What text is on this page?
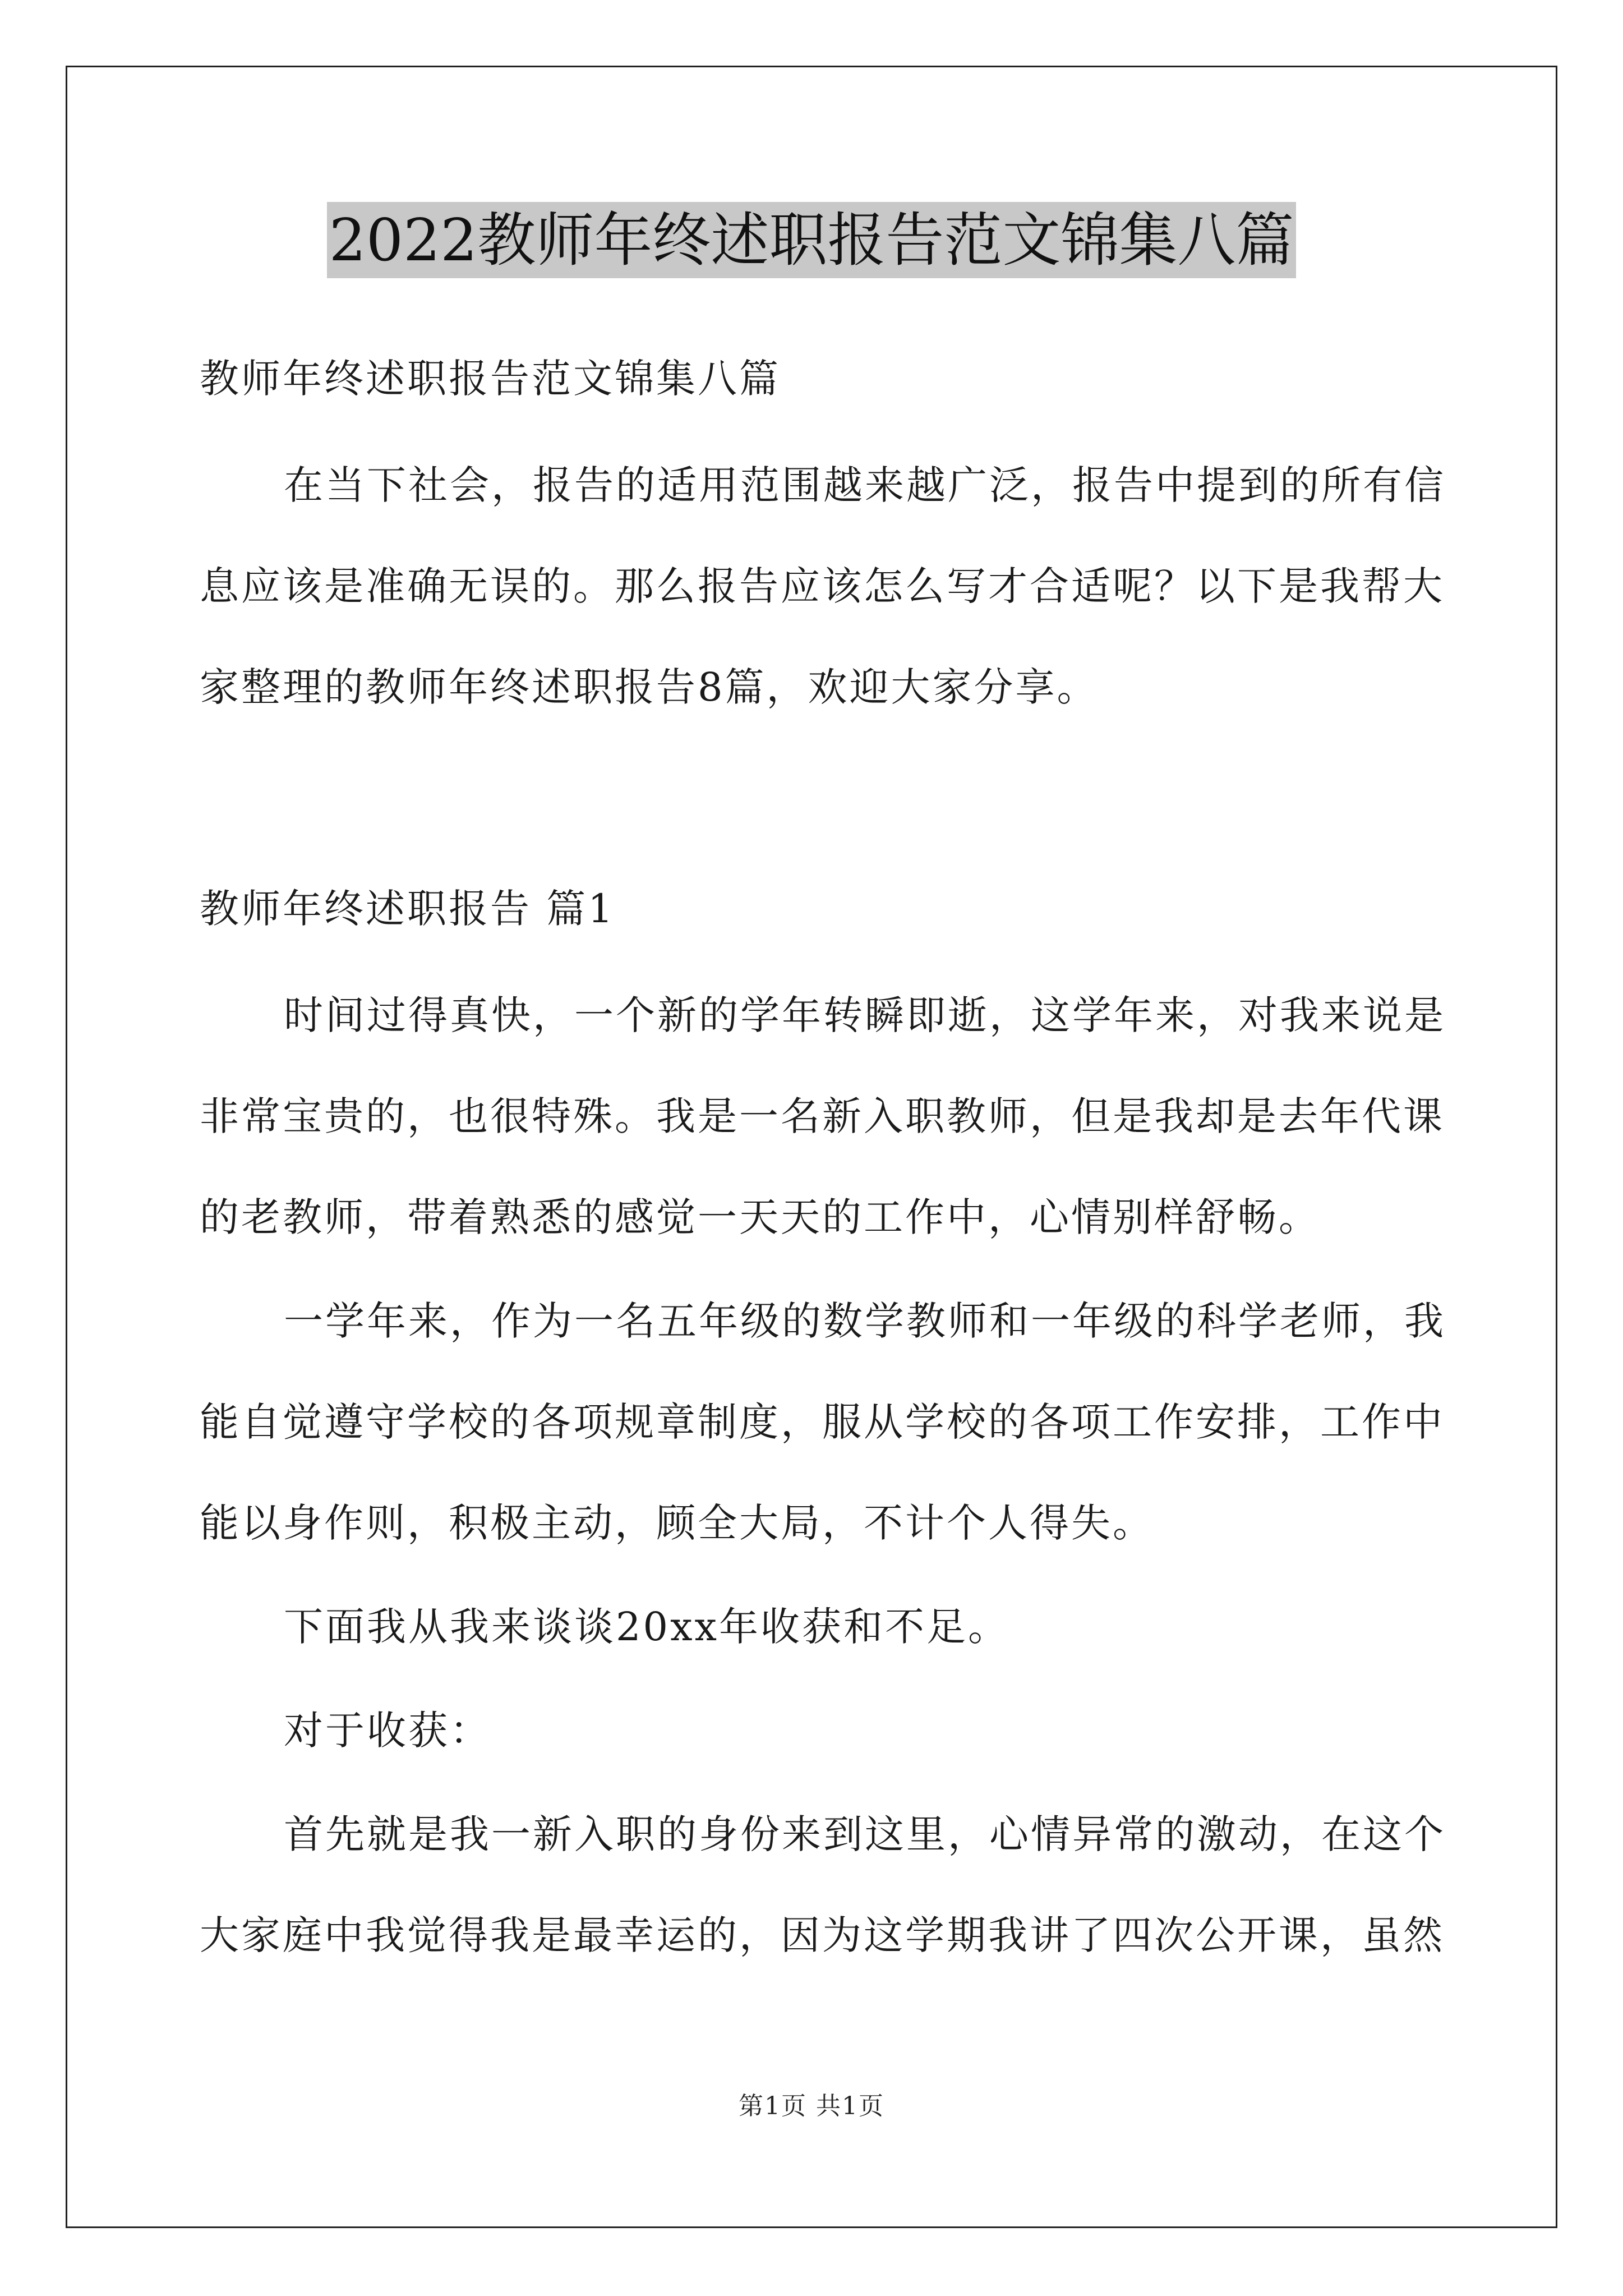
2022教师年终述职报告范文锦集八篇
教师年终述职报告范文锦集八篇
在当下社会，报告的适用范围越来越广泛，报告中提到的所有信
息应该是准确无误的。那么报告应该怎么写才合适呢？以下是我帮大
家整理的教师年终述职报告8篇，欢迎大家分享。
教师年终述职报告 篇1
时间过得真快，一个新的学年转瞬即逝，这学年来，对我来说是
非常宝贵的，也很特殊。我是一名新入职教师，但是我却是去年代课
的老教师，带着熟悉的感觉一天天的工作中，心情别样舒畅。
一学年来，作为一名五年级的数学教师和一年级的科学老师，我
能自觉遵守学校的各项规章制度，服从学校的各项工作安排，工作中
能以身作则，积极主动，顾全大局，不计个人得失。
下面我从我来谈谈20xx年收获和不足。
对于收获：
首先就是我一新入职的身份来到这里，心情异常的激动，在这个
大家庭中我觉得我是最幸运的，因为这学期我讲了四次公开课，虽然
第1页 共1页
